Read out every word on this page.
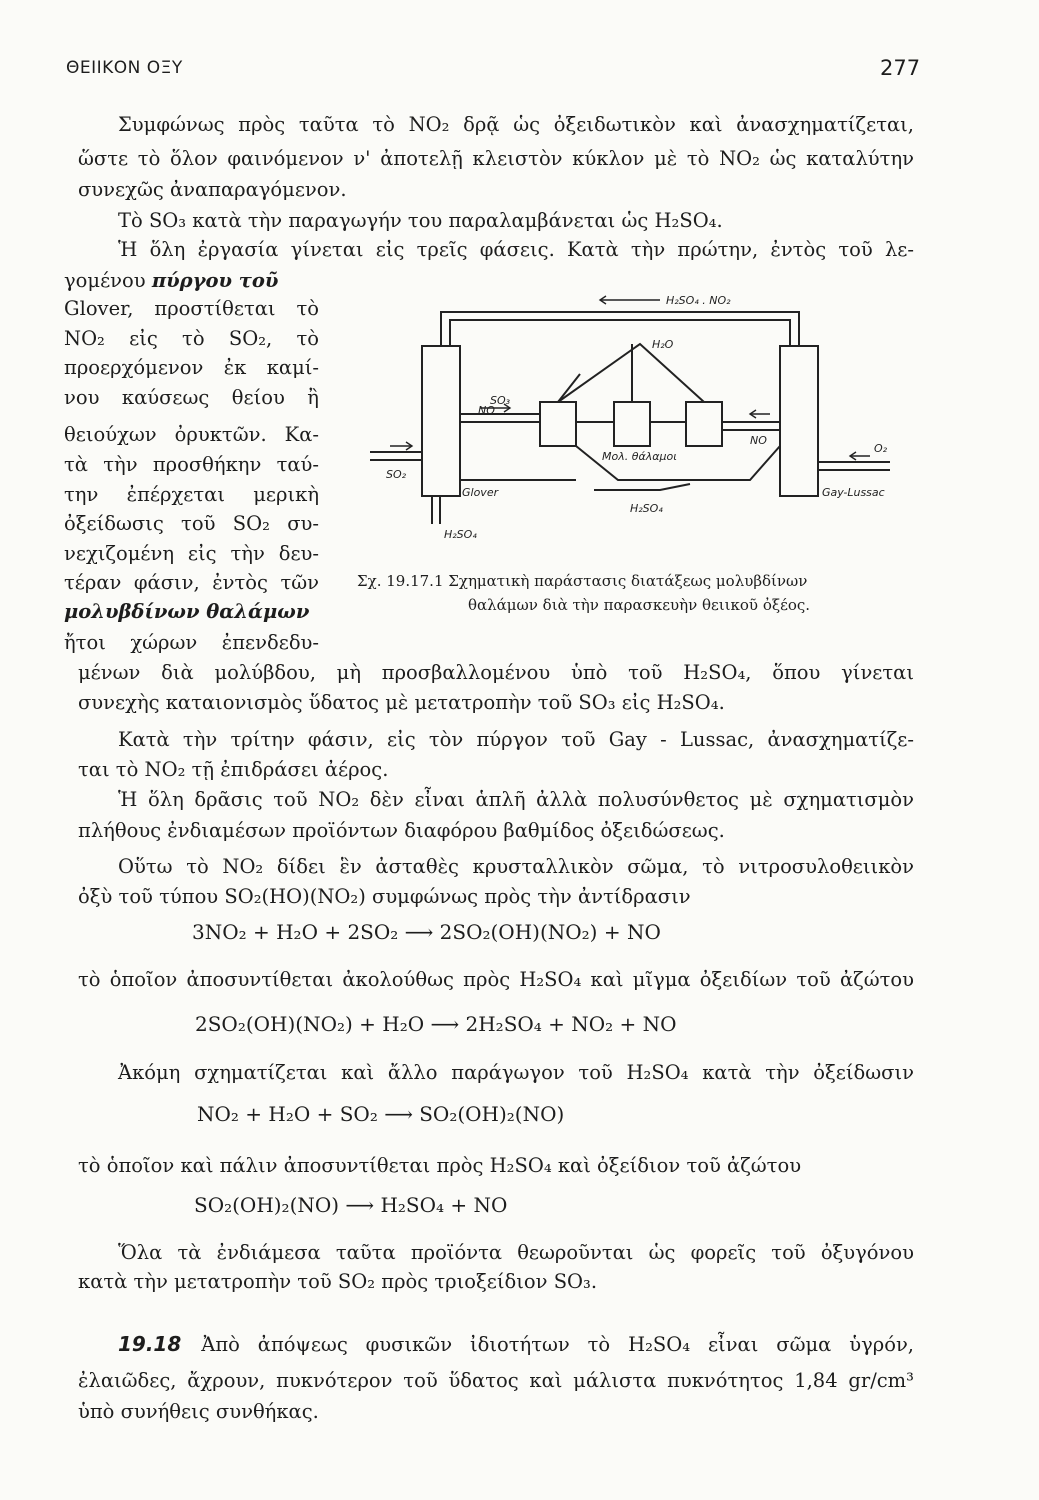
ΘΕΙΙΚΟΝ ΟΞΥ	277
Συμφώνως πρὸς ταῦτα τὸ NO₂ δρᾷ ὡς ὀξειδωτικὸν καὶ ἀνασχηματίζεται,
ὥστε τὸ ὅλον φαινόμενον ν' ἀποτελῇ κλειστὸν κύκλον μὲ τὸ NO₂ ὡς καταλύτην
συνεχῶς ἀναπαραγόμενον.
Τὸ SO₃ κατὰ τὴν παραγωγήν του παραλαμβάνεται ὡς H₂SO₄.
Ἡ ὅλη ἐργασία γίνεται εἰς τρεῖς φάσεις. Κατὰ τὴν πρώτην, ἐντὸς τοῦ λε-
γομένου πύργου τοῦ
Glover, προστίθεται τὸ
NO₂ εἰς τὸ SO₂, τὸ
προερχόμενον ἐκ καμί-
νου καύσεως θείου ἢ
θειούχων ὀρυκτῶν. Κα-
τὰ τὴν προσθήκην ταύ-
την ἐπέρχεται μερικὴ
ὀξείδωσις τοῦ SO₂ συ-
νεχιζομένη εἰς τὴν δευ-
τέραν φάσιν, ἐντὸς τῶν
μολυβδίνων θαλάμων
ἤτοι χώρων ἐπενδεδυ-
H₂SO₄ . NO₂
H₂O
SO₃
NO
NO
SO₂
Glover
Μολ. θάλαμοι
H₂SO₄
H₂SO₄
O₂
Gay-Lussac
Σχ. 19.17.1 Σχηματικὴ παράστασις διατάξεως μολυβδίνων
θαλάμων διὰ τὴν παρασκευὴν θειικοῦ ὀξέος.
μένων διὰ μολύβδου, μὴ προσβαλλομένου ὑπὸ τοῦ H₂SO₄, ὅπου γίνεται
συνεχὴς καταιονισμὸς ὕδατος μὲ μετατροπὴν τοῦ SO₃ εἰς H₂SO₄.
Κατὰ τὴν τρίτην φάσιν, εἰς τὸν πύργον τοῦ Gay - Lussac, ἀνασχηματίζε-
ται τὸ NO₂ τῇ ἐπιδράσει ἀέρος.
Ἡ ὅλη δρᾶσις τοῦ NO₂ δὲν εἶναι ἁπλῆ ἀλλὰ πολυσύνθετος μὲ σχηματισμὸν
πλήθους ἐνδιαμέσων προϊόντων διαφόρου βαθμίδος ὀξειδώσεως.
Οὕτω τὸ NO₂ δίδει ἓν ἀσταθὲς κρυσταλλικὸν σῶμα, τὸ νιτροσυλοθειικὸν
ὀξὺ τοῦ τύπου SO₂(HO)(NO₂) συμφώνως πρὸς τὴν ἀντίδρασιν
3NO₂ + H₂O + 2SO₂ ⟶ 2SO₂(OH)(NO₂) + NO
τὸ ὁποῖον ἀποσυντίθεται ἀκολούθως πρὸς H₂SO₄ καὶ μῖγμα ὀξειδίων τοῦ ἀζώτου
2SO₂(OH)(NO₂) + H₂O ⟶ 2H₂SO₄ + NO₂ + NO
Ἀκόμη σχηματίζεται καὶ ἄλλο παράγωγον τοῦ H₂SO₄ κατὰ τὴν ὀξείδωσιν
NO₂ + H₂O + SO₂ ⟶ SO₂(OH)₂(NO)
τὸ ὁποῖον καὶ πάλιν ἀποσυντίθεται πρὸς H₂SO₄ καὶ ὀξείδιον τοῦ ἀζώτου
SO₂(OH)₂(NO) ⟶ H₂SO₄ + NO
Ὅλα τὰ ἐνδιάμεσα ταῦτα προϊόντα θεωροῦνται ὡς φορεῖς τοῦ ὀξυγόνου
κατὰ τὴν μετατροπὴν τοῦ SO₂ πρὸς τριοξείδιον SO₃.
19.18 Ἀπὸ ἀπόψεως φυσικῶν ἰδιοτήτων τὸ H₂SO₄ εἶναι σῶμα ὑγρόν,
ἐλαιῶδες, ἄχρουν, πυκνότερον τοῦ ὕδατος καὶ μάλιστα πυκνότητος 1,84 gr/cm³
ὑπὸ συνήθεις συνθήκας.
